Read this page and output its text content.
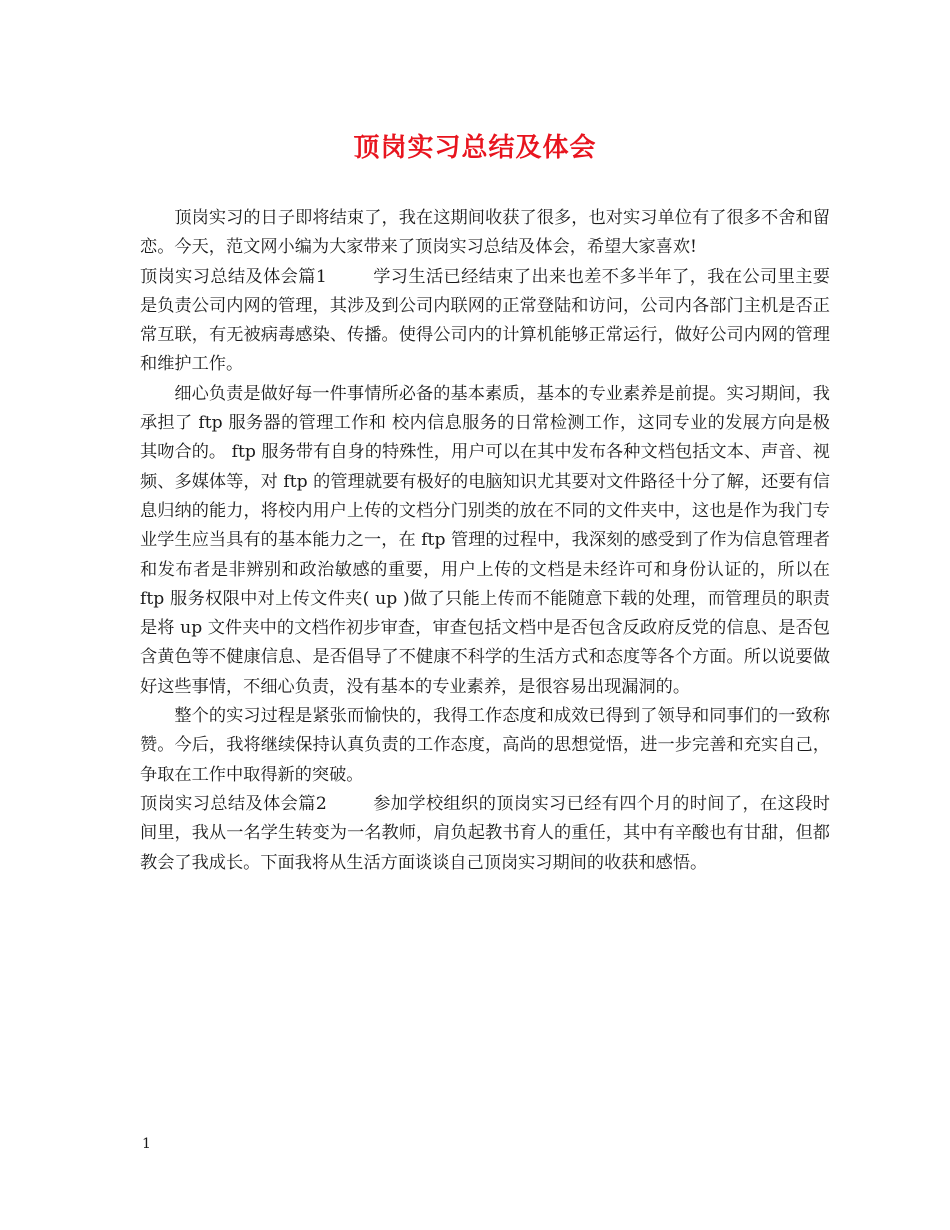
顶岗实习总结及体会

顶岗实习的日子即将结束了，我在这期间收获了很多，也对实习单位有了很多不舍和留恋。今天，范文网小编为大家带来了顶岗实习总结及体会，希望大家喜欢!

顶岗实习总结及体会篇1	学习生活已经结束了出来也差不多半年了，我在公司里主要是负责公司内网的管理，其涉及到公司内联网的正常登陆和访问，公司内各部门主机是否正常互联，有无被病毒感染、传播。使得公司内的计算机能够正常运行，做好公司内网的管理和维护工作。

细心负责是做好每一件事情所必备的基本素质，基本的专业素养是前提。实习期间，我承担了 ftp 服务器的管理工作和 校内信息服务的日常检测工作，这同专业的发展方向是极其吻合的。 ftp 服务带有自身的特殊性，用户可以在其中发布各种文档包括文本、声音、视频、多媒体等，对 ftp 的管理就要有极好的电脑知识尤其要对文件路径十分了解，还要有信息归纳的能力，将校内用户上传的文档分门别类的放在不同的文件夹中，这也是作为我门专业学生应当具有的基本能力之一，在 ftp 管理的过程中，我深刻的感受到了作为信息管理者和发布者是非辨别和政治敏感的重要，用户上传的文档是未经许可和身份认证的，所以在 ftp 服务权限中对上传文件夹( up )做了只能上传而不能随意下载的处理，而管理员的职责是将 up 文件夹中的文档作初步审查，审查包括文档中是否包含反政府反党的信息、是否包含黄色等不健康信息、是否倡导了不健康不科学的生活方式和态度等各个方面。所以说要做好这些事情，不细心负责，没有基本的专业素养，是很容易出现漏洞的。

整个的实习过程是紧张而愉快的，我得工作态度和成效已得到了领导和同事们的一致称赞。今后，我将继续保持认真负责的工作态度，高尚的思想觉悟，进一步完善和充实自己，争取在工作中取得新的突破。

顶岗实习总结及体会篇2	参加学校组织的顶岗实习已经有四个月的时间了，在这段时间里，我从一名学生转变为一名教师，肩负起教书育人的重任，其中有辛酸也有甘甜，但都教会了我成长。下面我将从生活方面谈谈自己顶岗实习期间的收获和感悟。

1
